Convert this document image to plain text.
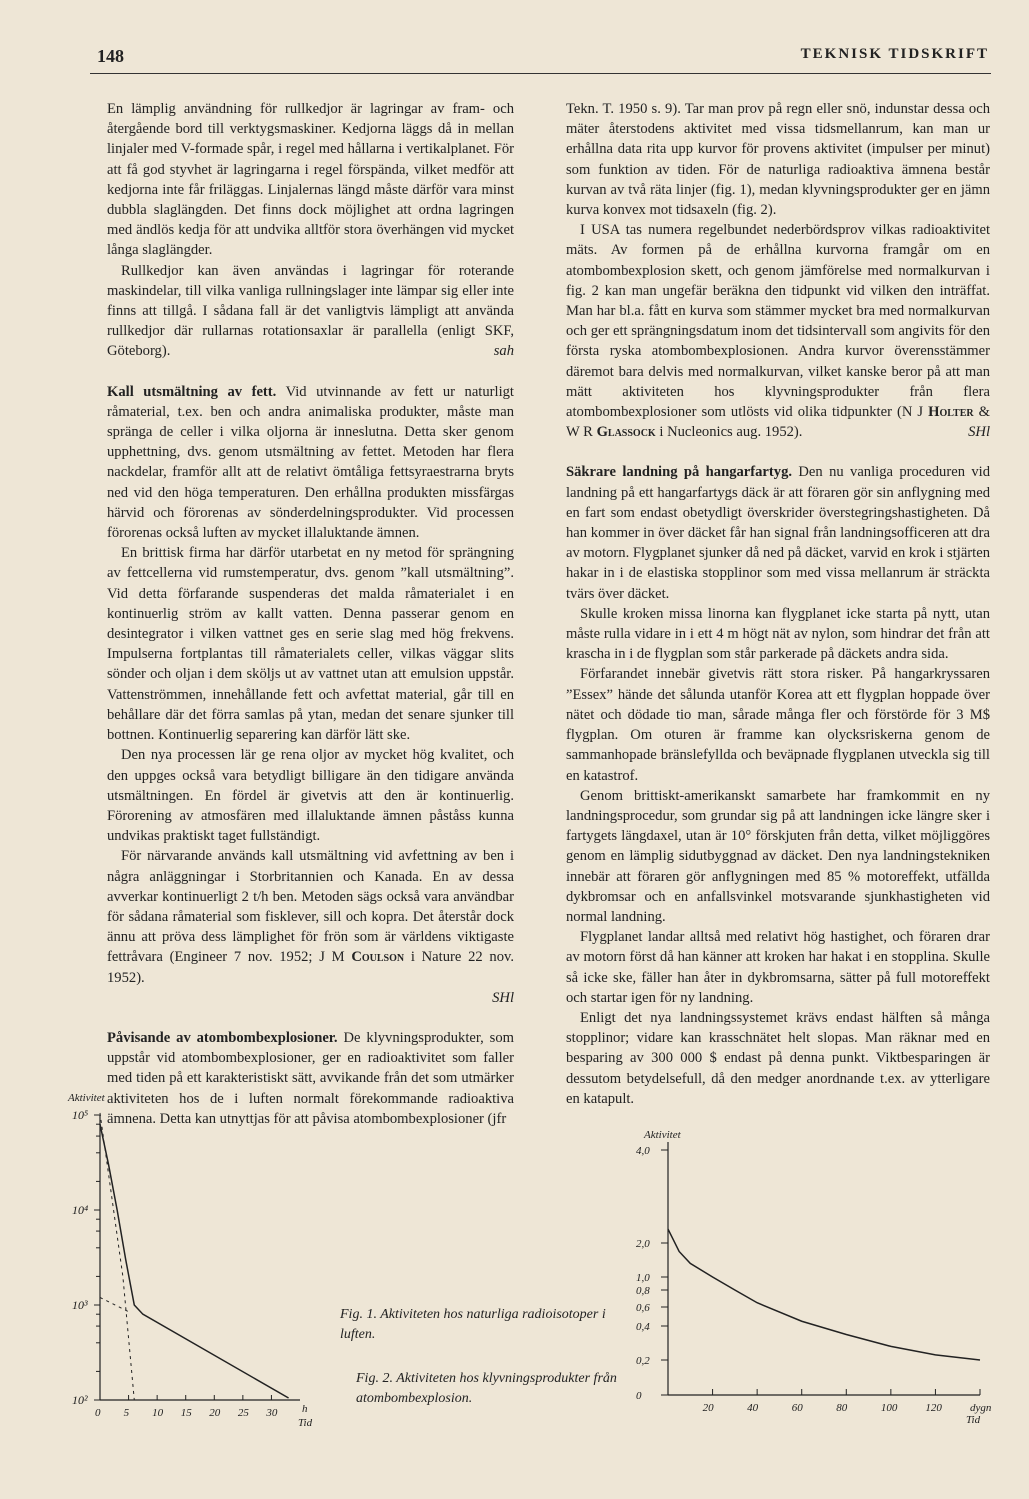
148	TEKNISK TIDSKRIFT

En lämplig användning för rullkedjor är lagringar av fram- och återgående bord till verktygsmaskiner. Kedjorna läggs då in mellan linjaler med V-formade spår, i regel med hållarna i vertikalplanet. För att få god styvhet är lagringarna i regel förspända, vilket medför att kedjorna inte får friläggas. Linjalernas längd måste därför vara minst dubbla slaglängden. Det finns dock möjlighet att ordna lagringen med ändlös kedja för att undvika alltför stora överhängen vid mycket långa slaglängder.

Rullkedjor kan även användas i lagringar för roterande maskindelar, till vilka vanliga rullningslager inte lämpar sig eller inte finns att tillgå. I sådana fall är det vanligtvis lämpligt att använda rullkedjor där rullarnas rotationsaxlar är parallella (enligt SKF, Göteborg).	sah

Kall utsmältning av fett. Vid utvinnande av fett ur naturligt råmaterial, t.ex. ben och andra animaliska produkter, måste man spränga de celler i vilka oljorna är inneslutna. Detta sker genom upphettning, dvs. genom utsmältning av fettet. Metoden har flera nackdelar, framför allt att de relativt ömtåliga fettsyraestrarna bryts ned vid den höga temperaturen. Den erhållna produkten missfärgas härvid och förorenas av sönderdelningsprodukter. Vid processen förorenas också luften av mycket illaluktande ämnen.

En brittisk firma har därför utarbetat en ny metod för sprängning av fettcellerna vid rumstemperatur, dvs. genom ”kall utsmältning”. Vid detta förfarande suspenderas det malda råmaterialet i en kontinuerlig ström av kallt vatten. Denna passerar genom en desintegrator i vilken vattnet ges en serie slag med hög frekvens. Impulserna fortplantas till råmaterialets celler, vilkas väggar slits sönder och oljan i dem sköljs ut av vattnet utan att emulsion uppstår. Vattenströmmen, innehållande fett och avfettat material, går till en behållare där det förra samlas på ytan, medan det senare sjunker till bottnen. Kontinuerlig separering kan därför lätt ske.

Den nya processen lär ge rena oljor av mycket hög kvalitet, och den uppges också vara betydligt billigare än den tidigare använda utsmältningen. En fördel är givetvis att den är kontinuerlig. Förorening av atmosfären med illaluktande ämnen påståss kunna undvikas praktiskt taget fullständigt.

För närvarande används kall utsmältning vid avfettning av ben i några anläggningar i Storbritannien och Kanada. En av dessa avverkar kontinuerligt 2 t/h ben. Metoden sägs också vara användbar för sådana råmaterial som fisklever, sill och kopra. Det återstår dock ännu att pröva dess lämplighet för frön som är världens viktigaste fettråvara (Engineer 7 nov. 1952; J M Coulson i Nature 22 nov. 1952).

SHl

Påvisande av atombombexplosioner. De klyvningsprodukter, som uppstår vid atombombexplosioner, ger en radioaktivitet som faller med tiden på ett karakteristiskt sätt, avvikande från det som utmärker aktiviteten hos de i luften normalt förekommande radioaktiva ämnena. Detta kan utnyttjas för att påvisa atombombexplosioner (jfr

Tekn. T. 1950 s. 9). Tar man prov på regn eller snö, indunstar dessa och mäter återstodens aktivitet med vissa tidsmellanrum, kan man ur erhållna data rita upp kurvor för provens aktivitet (impulser per minut) som funktion av tiden. För de naturliga radioaktiva ämnena består kurvan av två räta linjer (fig. 1), medan klyvningsprodukter ger en jämn kurva konvex mot tidsaxeln (fig. 2).

I USA tas numera regelbundet nederbördsprov vilkas radioaktivitet mäts. Av formen på de erhållna kurvorna framgår om en atombombexplosion skett, och genom jämförelse med normalkurvan i fig. 2 kan man ungefär beräkna den tidpunkt vid vilken den inträffat. Man har bl.a. fått en kurva som stämmer mycket bra med normalkurvan och ger ett sprängningsdatum inom det tidsintervall som angivits för den första ryska atombombexplosionen. Andra kurvor överensstämmer däremot bara delvis med normalkurvan, vilket kanske beror på att man mätt aktiviteten hos klyvningsprodukter från flera atombombexplosioner som utlösts vid olika tidpunkter (N J Holter & W R Glassock i Nucleonics aug. 1952).	SHl

Säkrare landning på hangarfartyg. Den nu vanliga proceduren vid landning på ett hangarfartygs däck är att föraren gör sin anflygning med en fart som endast obetydligt överskrider överstegringshastigheten. Då han kommer in över däcket får han signal från landningsofficeren att dra av motorn. Flygplanet sjunker då ned på däcket, varvid en krok i stjärten hakar in i de elastiska stopplinor som med vissa mellanrum är sträckta tvärs över däcket.

Skulle kroken missa linorna kan flygplanet icke starta på nytt, utan måste rulla vidare in i ett 4 m högt nät av nylon, som hindrar det från att krascha in i de flygplan som står parkerade på däckets andra sida.

Förfarandet innebär givetvis rätt stora risker. På hangarkryssaren ”Essex” hände det sålunda utanför Korea att ett flygplan hoppade över nätet och dödade tio man, sårade många fler och förstörde för 3 M$ flygplan. Om oturen är framme kan olycksriskerna genom de sammanhopade bränslefyllda och beväpnade flygplanen utveckla sig till en katastrof.

Genom brittiskt-amerikanskt samarbete har framkommit en ny landningsprocedur, som grundar sig på att landningen icke längre sker i fartygets längdaxel, utan är 10° förskjuten från detta, vilket möjliggöres genom en lämplig sidutbyggnad av däcket. Den nya landningstekniken innebär att föraren gör anflygningen med 85 % motoreffekt, utfällda dykbromsar och en anfallsvinkel motsvarande sjunkhastigheten vid normal landning.

Flygplanet landar alltså med relativt hög hastighet, och föraren drar av motorn först då han känner att kroken har hakat i en stopplina. Skulle så icke ske, fäller han åter in dykbromsarna, sätter på full motoreffekt och startar igen för ny landning.

Enligt det nya landningssystemet krävs endast hälften så många stopplinor; vidare kan krasschnätet helt slopas. Man räknar med en besparing av 300 000 $ endast på denna punkt. Viktbesparingen är dessutom betydelsefull, då den medger anordnande t.ex. av ytterligare en katapult.

Aktivitet
10²
10³
10⁴
10⁵
0 5 10 15 20 25 30 h
Tid
Fig. 1. Aktiviteten hos naturliga radioisotoper i luften.
Fig. 2. Aktiviteten hos klyvningsprodukter från atombombexplosion.
Aktivitet
0
0,2
0,4
0,6
0,8
1,0
2,0
4,0
20	40	60	80	100	120	dygn
Tid
